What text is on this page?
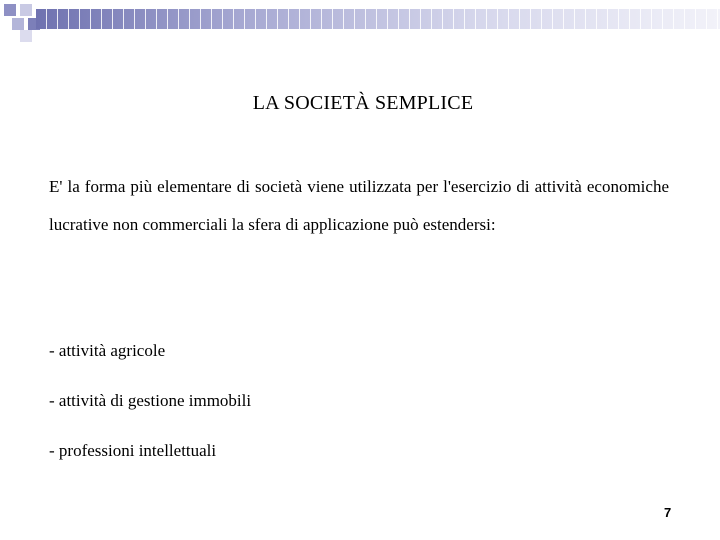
LA SOCIETÀ SEMPLICE
E' la forma più elementare di società viene utilizzata per l'esercizio di attività economiche lucrative non commerciali la sfera di applicazione può estendersi:
- attività agricole
- attività di gestione immobili
- professioni intellettuali
7
